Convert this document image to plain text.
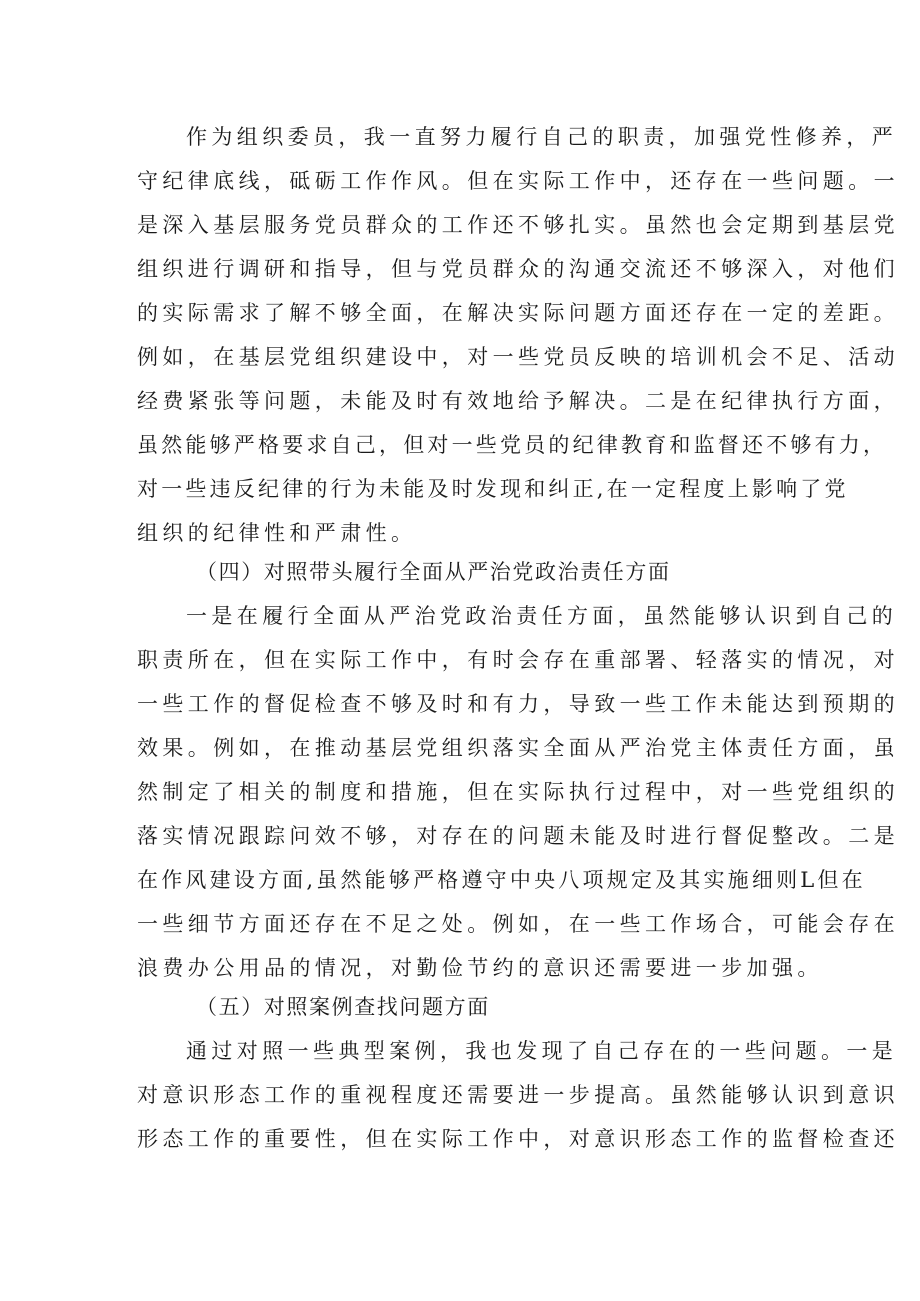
作为组织委员，我一直努力履行自己的职责，加强党性修养，严
守纪律底线，砥砺工作作风。但在实际工作中，还存在一些问题。一
是深入基层服务党员群众的工作还不够扎实。虽然也会定期到基层党
组织进行调研和指导，但与党员群众的沟通交流还不够深入，对他们
的实际需求了解不够全面，在解决实际问题方面还存在一定的差距。
例如，在基层党组织建设中，对一些党员反映的培训机会不足、活动
经费紧张等问题，未能及时有效地给予解决。二是在纪律执行方面，
虽然能够严格要求自己，但对一些党员的纪律教育和监督还不够有力，
对一些违反纪律的行为未能及时发现和纠正,在一定程度上影响了党
组织的纪律性和严肃性。
（四）对照带头履行全面从严治党政治责任方面
一是在履行全面从严治党政治责任方面，虽然能够认识到自己的
职责所在，但在实际工作中，有时会存在重部署、轻落实的情况，对
一些工作的督促检查不够及时和有力，导致一些工作未能达到预期的
效果。例如，在推动基层党组织落实全面从严治党主体责任方面，虽
然制定了相关的制度和措施，但在实际执行过程中，对一些党组织的
落实情况跟踪问效不够，对存在的问题未能及时进行督促整改。二是
在作风建设方面,虽然能够严格遵守中央八项规定及其实施细则L但在
一些细节方面还存在不足之处。例如，在一些工作场合，可能会存在
浪费办公用品的情况，对勤俭节约的意识还需要进一步加强。
（五）对照案例查找问题方面
通过对照一些典型案例，我也发现了自己存在的一些问题。一是
对意识形态工作的重视程度还需要进一步提高。虽然能够认识到意识
形态工作的重要性，但在实际工作中，对意识形态工作的监督检查还
